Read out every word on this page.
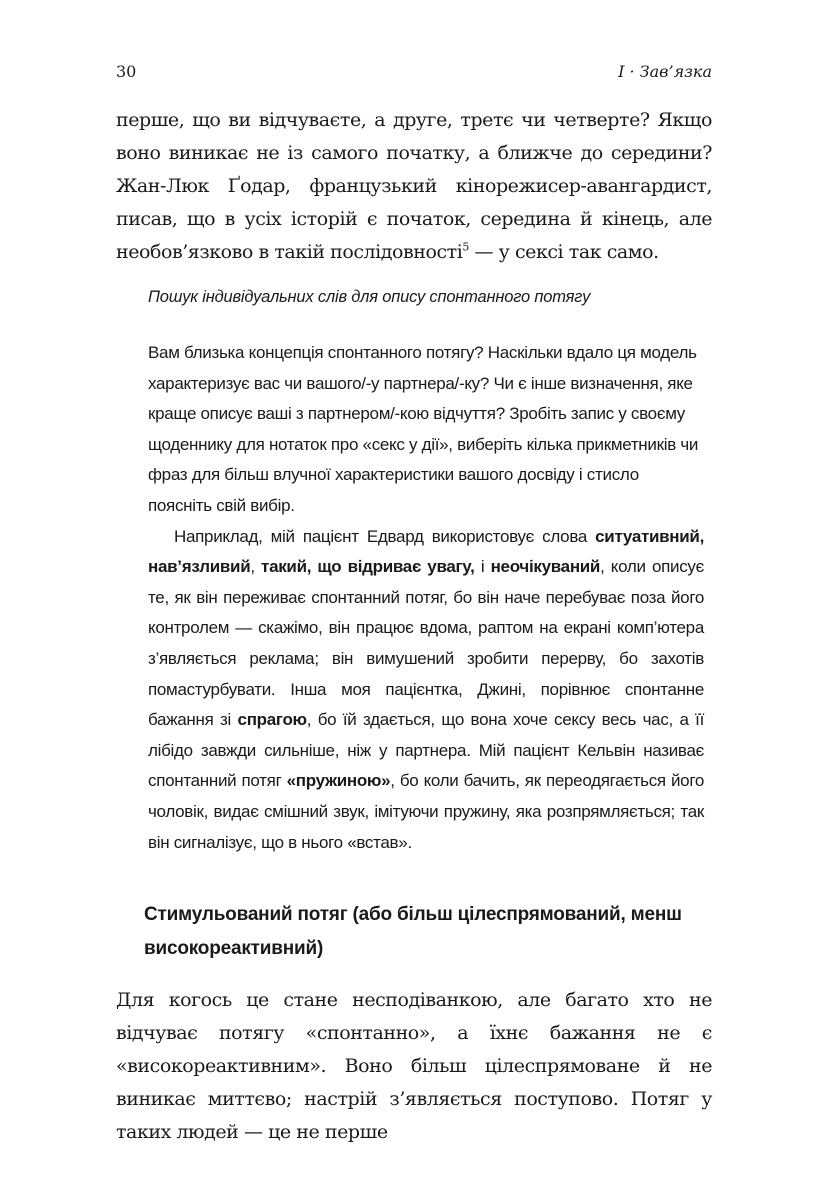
30	I · Зав’язка

перше, що ви відчуваєте, а друге, третє чи четверте? Якщо воно виникає не із самого початку, а ближче до середини? Жан-Люк Ґодар, французький кінорежисер-авангардист, писав, що в усіх історій є початок, середина й кінець, але необов’язково в такій послідовності$^5$ — у сексі так само.

Пошук індивідуальних слів для опису спонтанного потягу

Вам близька концепція спонтанного потягу? Наскільки вдало ця модель характеризує вас чи вашого/-у партнера/-ку? Чи є інше визначення, яке краще описує ваші з партнером/-кою відчуття? Зробіть запис у своєму щоденнику для нотаток про «секс у дії», виберіть кілька прикметників чи фраз для більш влучної характеристики вашого досвіду і стисло поясніть свій вибір.

Наприклад, мій пацієнт Едвард використовує слова ситуативний, нав’язливий, такий, що відриває увагу, і неочікуваний, коли описує те, як він переживає спонтанний потяг, бо він наче перебуває поза його контролем — скажімо, він працює вдома, раптом на екрані комп’ютера з’являється реклама; він вимушений зробити перерву, бо захотів помастурбувати. Інша моя пацієнтка, Джині, порівнює спонтанне бажання зі спрагою, бо їй здається, що вона хоче сексу весь час, а її лібідо завжди сильніше, ніж у партнера. Мій пацієнт Кельвін називає спонтанний потяг «пружиною», бо коли бачить, як переодягається його чоловік, видає смішний звук, імітуючи пружину, яка розпрямляється; так він сигналізує, що в нього «встав».

Стимульований потяг (або більш цілеспрямований, менш високореактивний)

Для когось це стане несподіванкою, але багато хто не відчуває потягу «спонтанно», а їхнє бажання не є «високореактивним». Воно більш цілеспрямоване й не виникає миттєво; настрій з’являється поступово. Потяг у таких людей — це не перше
